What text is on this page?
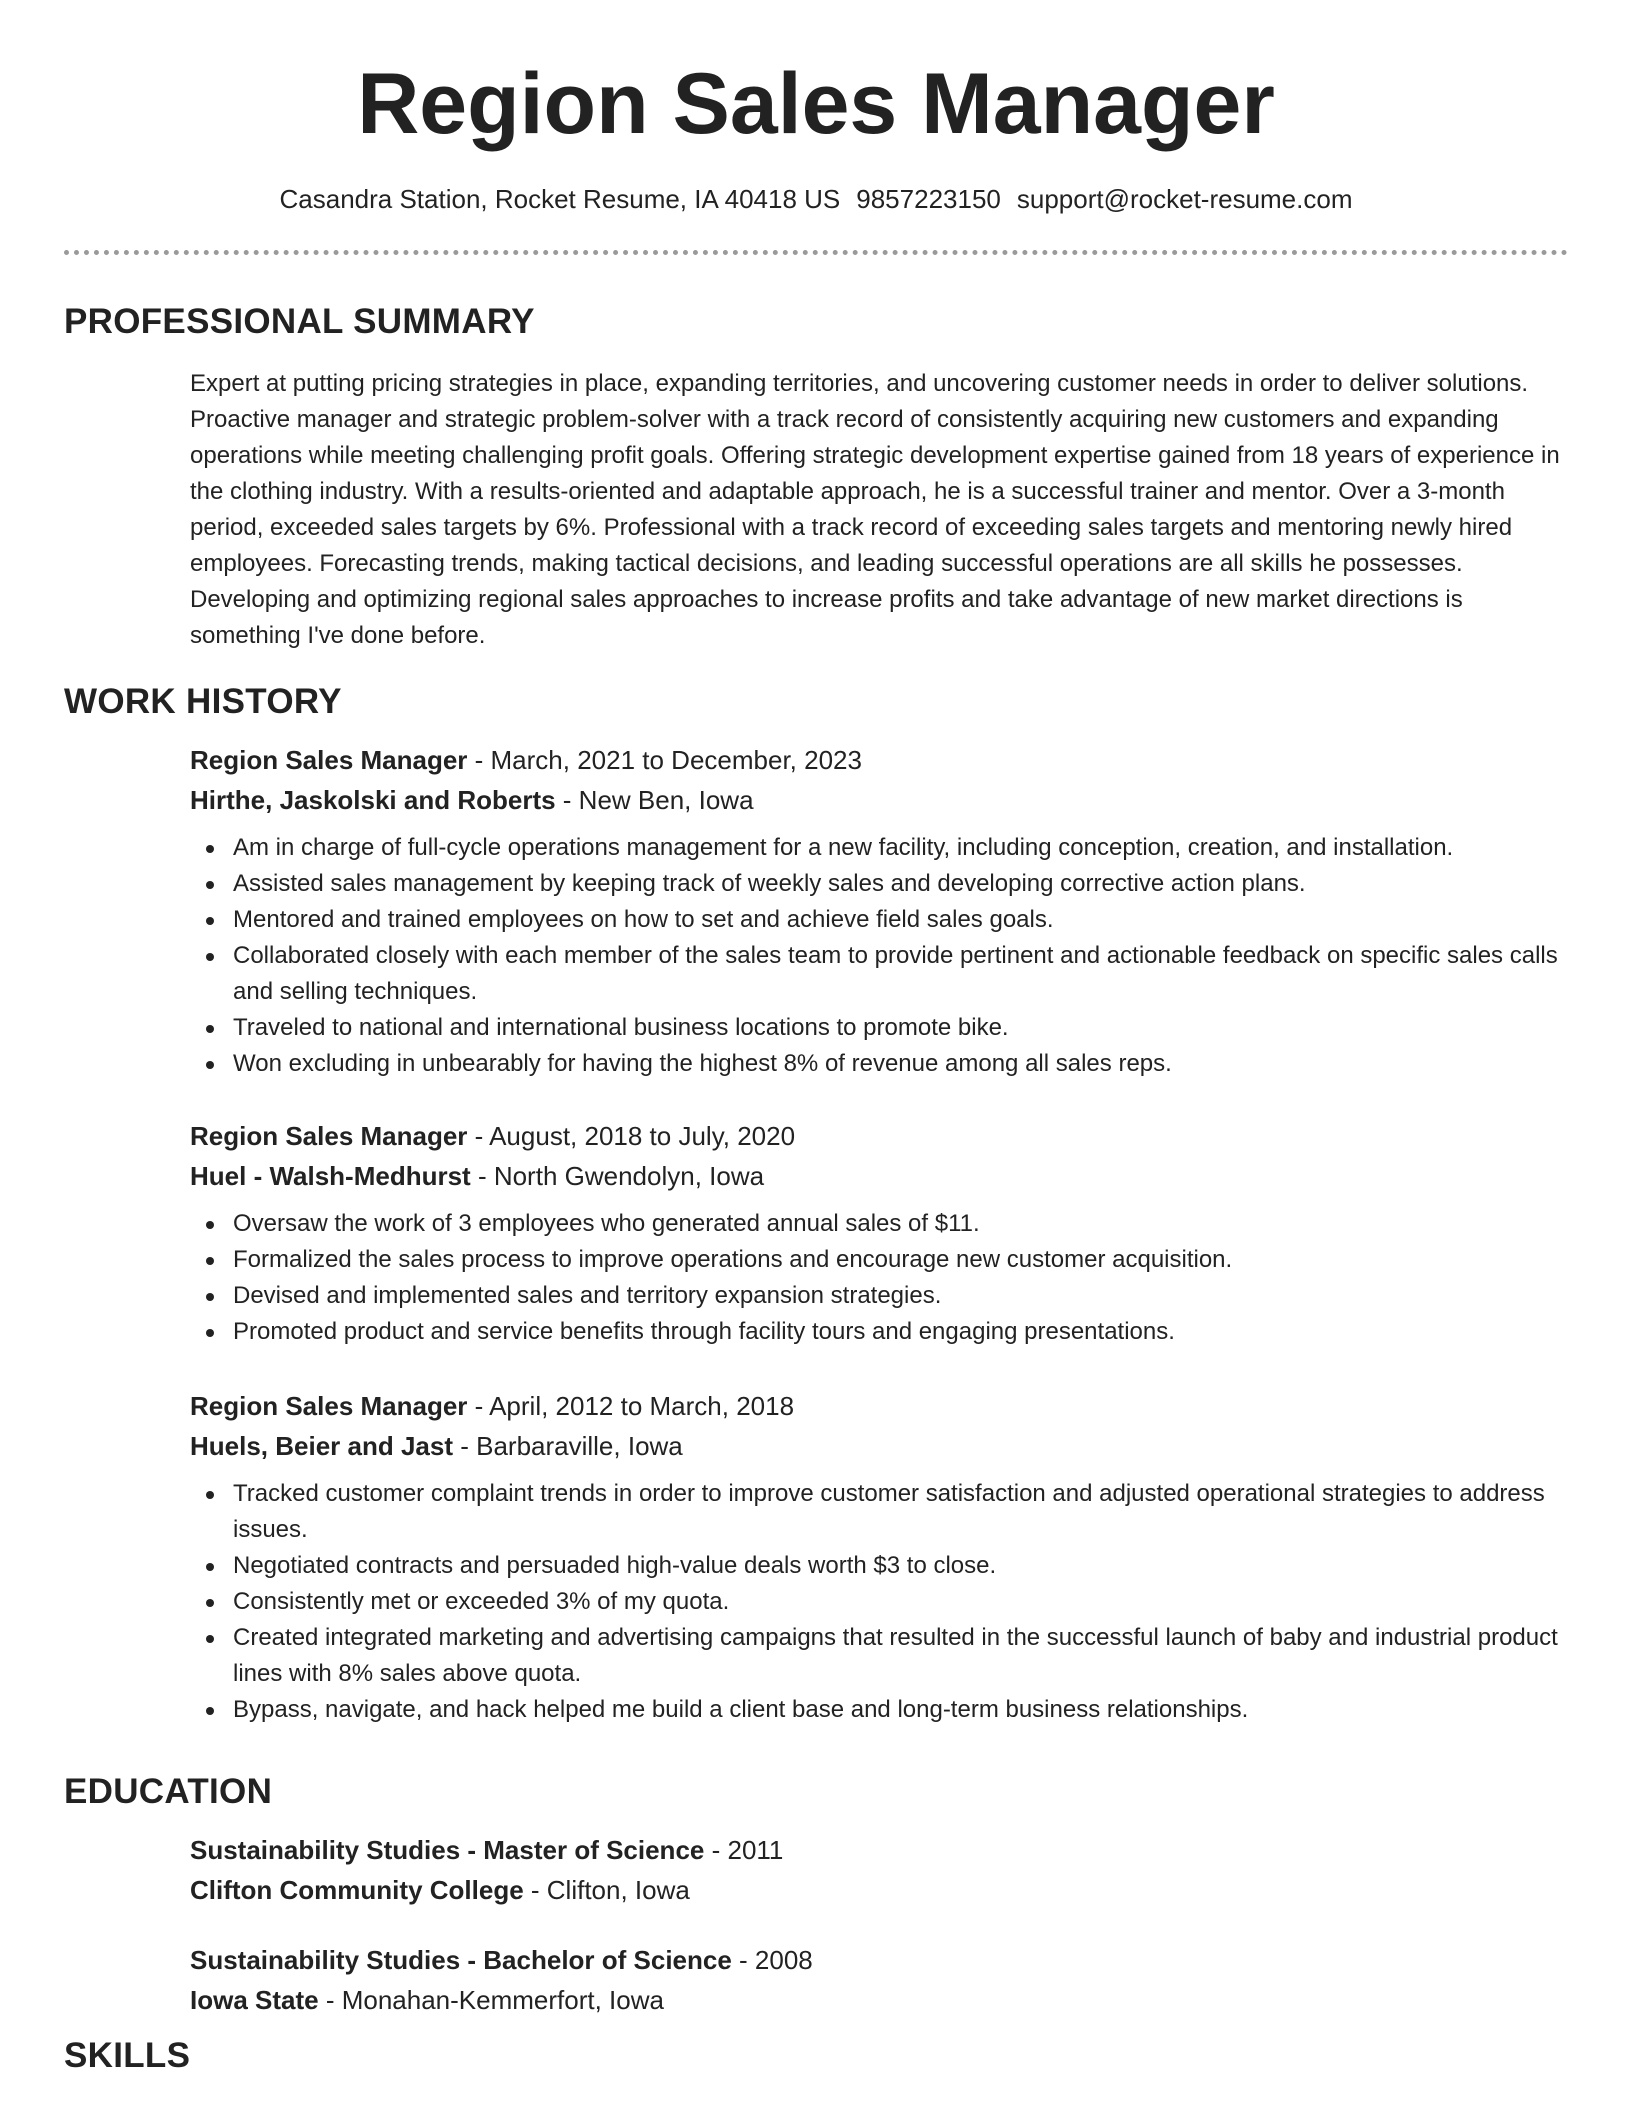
Region Sales Manager
Casandra Station, Rocket Resume, IA 40418 US 9857223150 support@rocket-resume.com
PROFESSIONAL SUMMARY
Expert at putting pricing strategies in place, expanding territories, and uncovering customer needs in order to deliver solutions. Proactive manager and strategic problem-solver with a track record of consistently acquiring new customers and expanding operations while meeting challenging profit goals. Offering strategic development expertise gained from 18 years of experience in the clothing industry. With a results-oriented and adaptable approach, he is a successful trainer and mentor. Over a 3-month period, exceeded sales targets by 6%. Professional with a track record of exceeding sales targets and mentoring newly hired employees. Forecasting trends, making tactical decisions, and leading successful operations are all skills he possesses. Developing and optimizing regional sales approaches to increase profits and take advantage of new market directions is something I've done before.
WORK HISTORY
Region Sales Manager - March, 2021 to December, 2023
Hirthe, Jaskolski and Roberts - New Ben, Iowa
Am in charge of full-cycle operations management for a new facility, including conception, creation, and installation.
Assisted sales management by keeping track of weekly sales and developing corrective action plans.
Mentored and trained employees on how to set and achieve field sales goals.
Collaborated closely with each member of the sales team to provide pertinent and actionable feedback on specific sales calls and selling techniques.
Traveled to national and international business locations to promote bike.
Won excluding in unbearably for having the highest 8% of revenue among all sales reps.
Region Sales Manager - August, 2018 to July, 2020
Huel - Walsh-Medhurst - North Gwendolyn, Iowa
Oversaw the work of 3 employees who generated annual sales of $11.
Formalized the sales process to improve operations and encourage new customer acquisition.
Devised and implemented sales and territory expansion strategies.
Promoted product and service benefits through facility tours and engaging presentations.
Region Sales Manager - April, 2012 to March, 2018
Huels, Beier and Jast - Barbaraville, Iowa
Tracked customer complaint trends in order to improve customer satisfaction and adjusted operational strategies to address issues.
Negotiated contracts and persuaded high-value deals worth $3 to close.
Consistently met or exceeded 3% of my quota.
Created integrated marketing and advertising campaigns that resulted in the successful launch of baby and industrial product lines with 8% sales above quota.
Bypass, navigate, and hack helped me build a client base and long-term business relationships.
EDUCATION
Sustainability Studies - Master of Science - 2011
Clifton Community College - Clifton, Iowa
Sustainability Studies - Bachelor of Science - 2008
Iowa State - Monahan-Kemmerfort, Iowa
SKILLS
